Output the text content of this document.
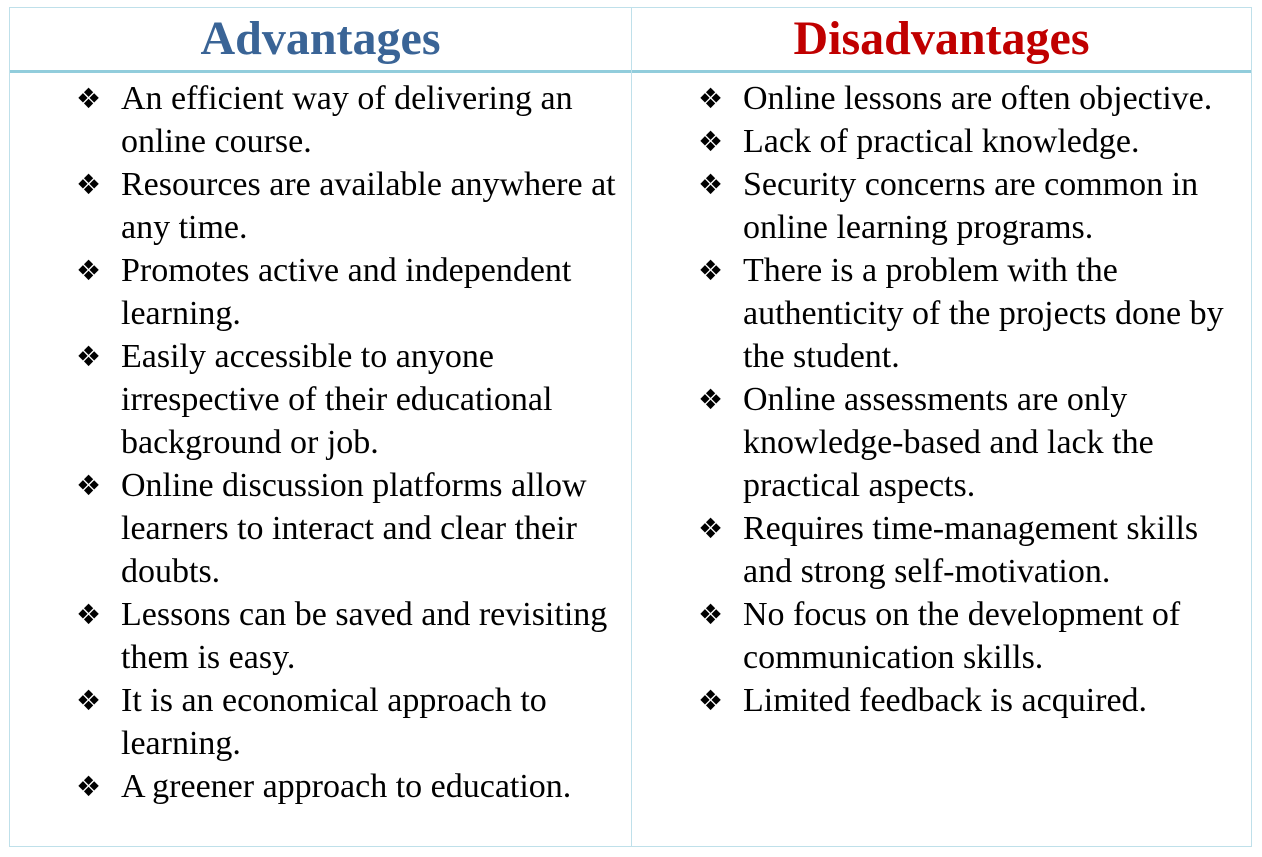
Advantages
❖ An efficient way of delivering an online course.
❖ Resources are available anywhere at any time.
❖ Promotes active and independent learning.
❖ Easily accessible to anyone irrespective of their educational background or job.
❖ Online discussion platforms allow learners to interact and clear their doubts.
❖ Lessons can be saved and revisiting them is easy.
❖ It is an economical approach to learning.
❖ A greener approach to education.
Disadvantages
❖ Online lessons are often objective.
❖ Lack of practical knowledge.
❖ Security concerns are common in online learning programs.
❖ There is a problem with the authenticity of the projects done by the student.
❖ Online assessments are only knowledge-based and lack the practical aspects.
❖ Requires time-management skills and strong self-motivation.
❖ No focus on the development of communication skills.
❖ Limited feedback is acquired.
